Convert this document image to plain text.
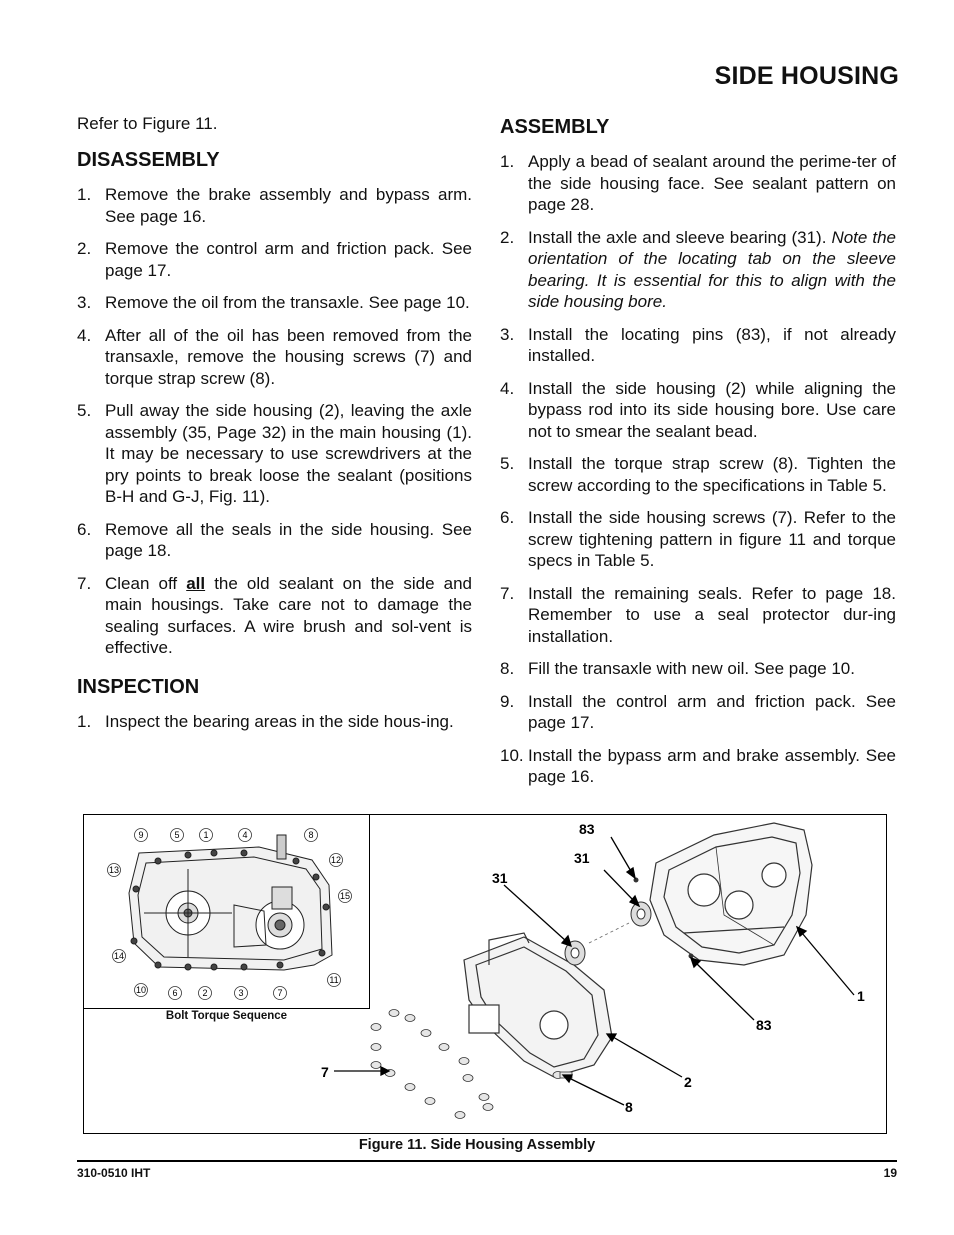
SIDE HOUSING

Refer to Figure 11.

DISASSEMBLY
1. Remove the brake assembly and bypass arm. See page 16.
2. Remove the control arm and friction pack. See page 17.
3. Remove the oil from the transaxle. See page 10.
4. After all of the oil has been removed from the transaxle, remove the housing screws (7) and torque strap screw (8).
5. Pull away the side housing (2), leaving the axle assembly (35, Page 32) in the main housing (1). It may be necessary to use screwdrivers at the pry points to break loose the sealant (positions B-H and G-J, Fig. 11).
6. Remove all the seals in the side housing. See page 18.
7. Clean off all the old sealant on the side and main housings. Take care not to damage the sealing surfaces. A wire brush and sol-vent is effective.
INSPECTION
1. Inspect the bearing areas in the side hous-ing.
ASSEMBLY
1. Apply a bead of sealant around the perime-ter of the side housing face. See sealant pattern on page 28.
2. Install the axle and sleeve bearing (31). Note the orientation of the locating tab on the sleeve bearing. It is essential for this to align with the side housing bore.
3. Install the locating pins (83), if not already installed.
4. Install the side housing (2) while aligning the bypass rod into its side housing bore. Use care not to smear the sealant bead.
5. Install the torque strap screw (8). Tighten the screw according to the specifications in Table 5.
6. Install the side housing screws (7). Refer to the screw tightening pattern in figure 11 and torque specs in Table 5.
7. Install the remaining seals. Refer to page 18. Remember to use a seal protector dur-ing installation.
8. Fill the transaxle with new oil. See page 10.
9. Install the control arm and friction pack. See page 17.
10. Install the bypass arm and brake assembly. See page 16.
9	5	1	4	8
13
12
15
14
11
10	6	2	3	7
83
31
31
1
83
7
2
8
Bolt Torque Sequence
Figure 11. Side Housing Assembly
310-0510 IHT	19
